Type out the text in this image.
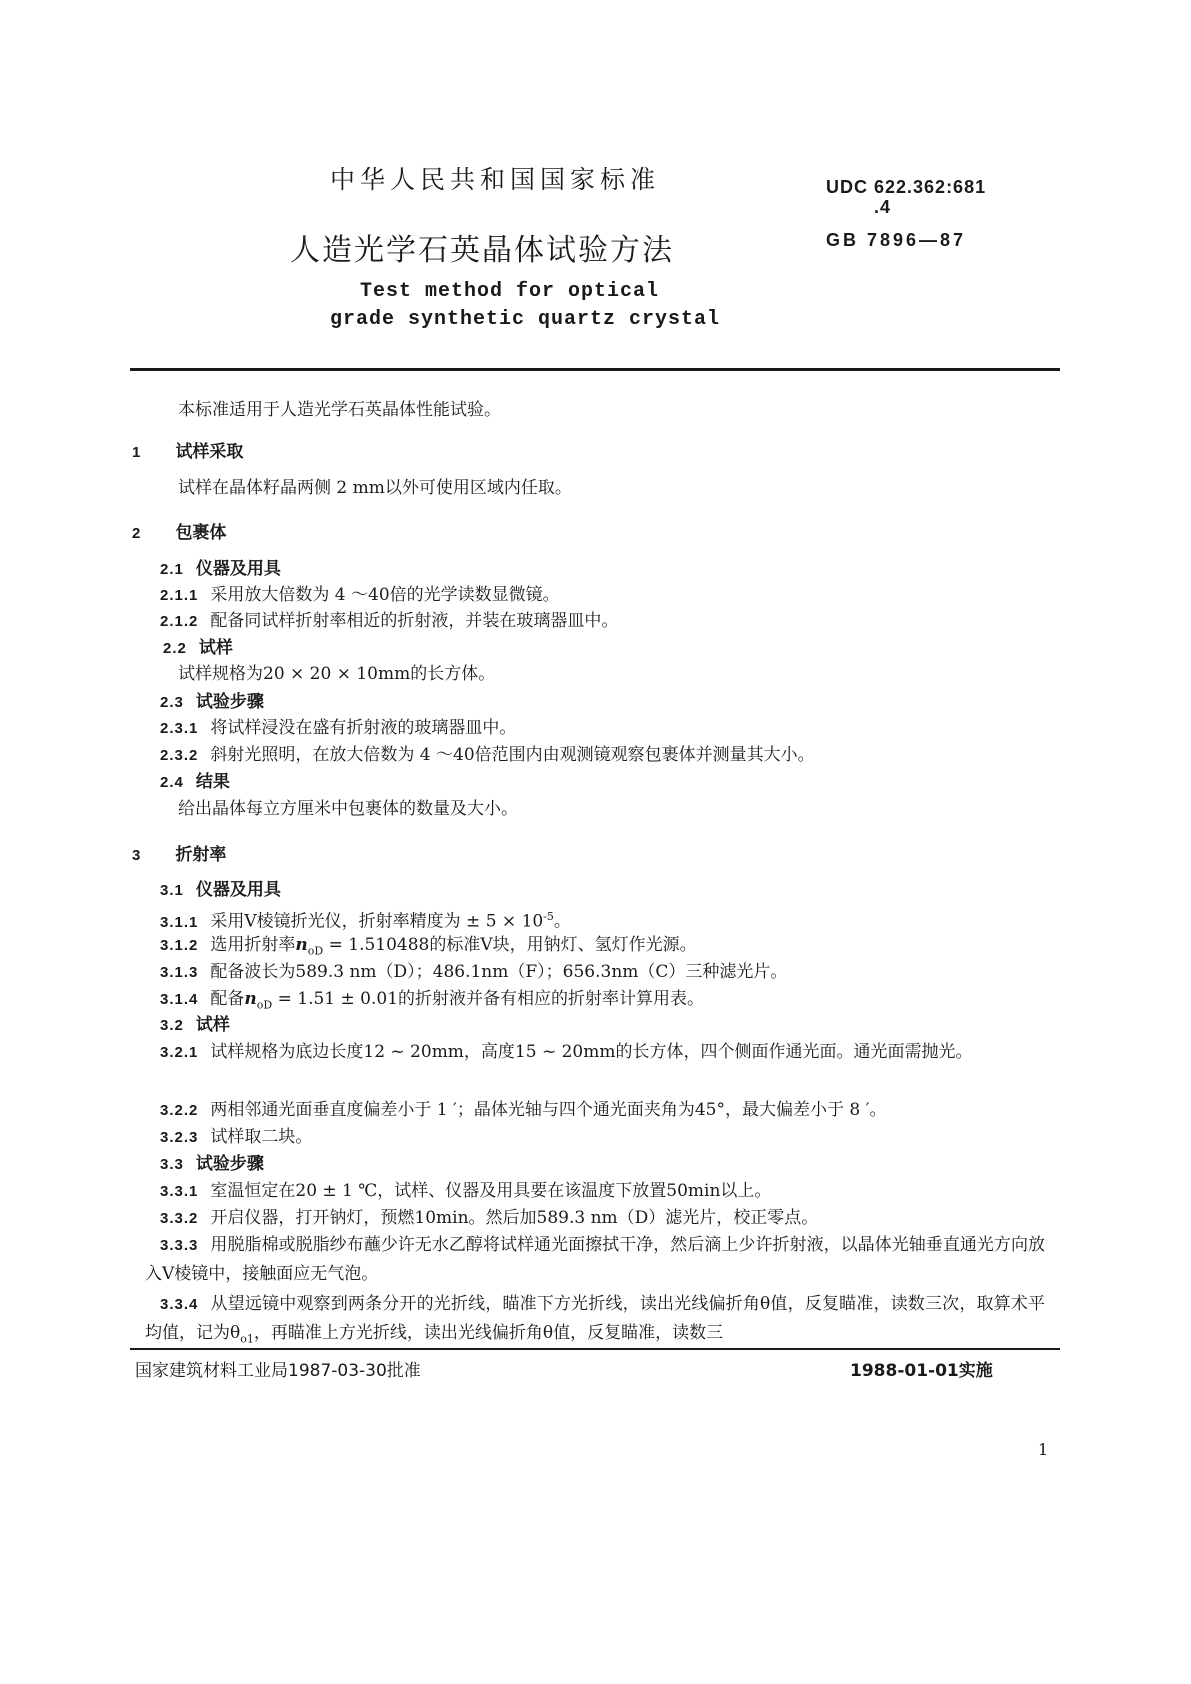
中华人民共和国国家标准	UDC 622.362:681
.4
人造光学石英晶体试验方法	GB 7896—87
Test method for optical
grade synthetic quartz crystal
本标准适用于人造光学石英晶体性能试验。
1 试样采取
试样在晶体籽晶两侧 2 mm以外可使用区域内任取。
2 包裹体
2.1 仪器及用具
2.1.1 采用放大倍数为 4 ～40倍的光学读数显微镜。
2.1.2 配备同试样折射率相近的折射液，并装在玻璃器皿中。
2.2 试样
试样规格为20 × 20 × 10mm的长方体。
2.3 试验步骤
2.3.1 将试样浸没在盛有折射液的玻璃器皿中。
2.3.2 斜射光照明，在放大倍数为 4 ～40倍范围内由观测镜观察包裹体并测量其大小。
2.4 结果
给出晶体每立方厘米中包裹体的数量及大小。
3 折射率
3.1 仪器及用具
3.1.1 采用V棱镜折光仪，折射率精度为 ± $5 \times 10^{-5}$。
3.1.2 选用折射率$n_{oD} = 1.510488$的标准V块，用钠灯、氢灯作光源。
3.1.3 配备波长为589.3 nm（D）；486.1nm（F）；656.3nm（C）三种滤光片。
3.1.4 配备$n_{oD} = 1.51 \pm 0.01$的折射液并备有相应的折射率计算用表。
3.2 试样
3.2.1 试样规格为底边长度12 ~ 20mm，高度15 ~ 20mm的长方体，四个侧面作通光面。通光面需抛光。
3.2.2 两相邻通光面垂直度偏差小于 1 ′；晶体光轴与四个通光面夹角为45°，最大偏差小于 8 ′。
3.2.3 试样取二块。
3.3 试验步骤
3.3.1 室温恒定在20 ± 1 ℃，试样、仪器及用具要在该温度下放置50min以上。
3.3.2 开启仪器，打开钠灯，预燃10min。然后加589.3 nm（D）滤光片，校正零点。
3.3.3 用脱脂棉或脱脂纱布蘸少许无水乙醇将试样通光面擦拭干净，然后滴上少许折射液，以晶体光轴垂直通光方向放入V棱镜中，接触面应无气泡。
3.3.4 从望远镜中观察到两条分开的光折线，瞄准下方光折线，读出光线偏折角θ值，反复瞄准，读数三次，取算术平均值，记为$\theta_{o1}$，再瞄准上方光折线，读出光线偏折角θ值，反复瞄准，读数三
国家建筑材料工业局1987-03-30批准	1988-01-01实施
1
